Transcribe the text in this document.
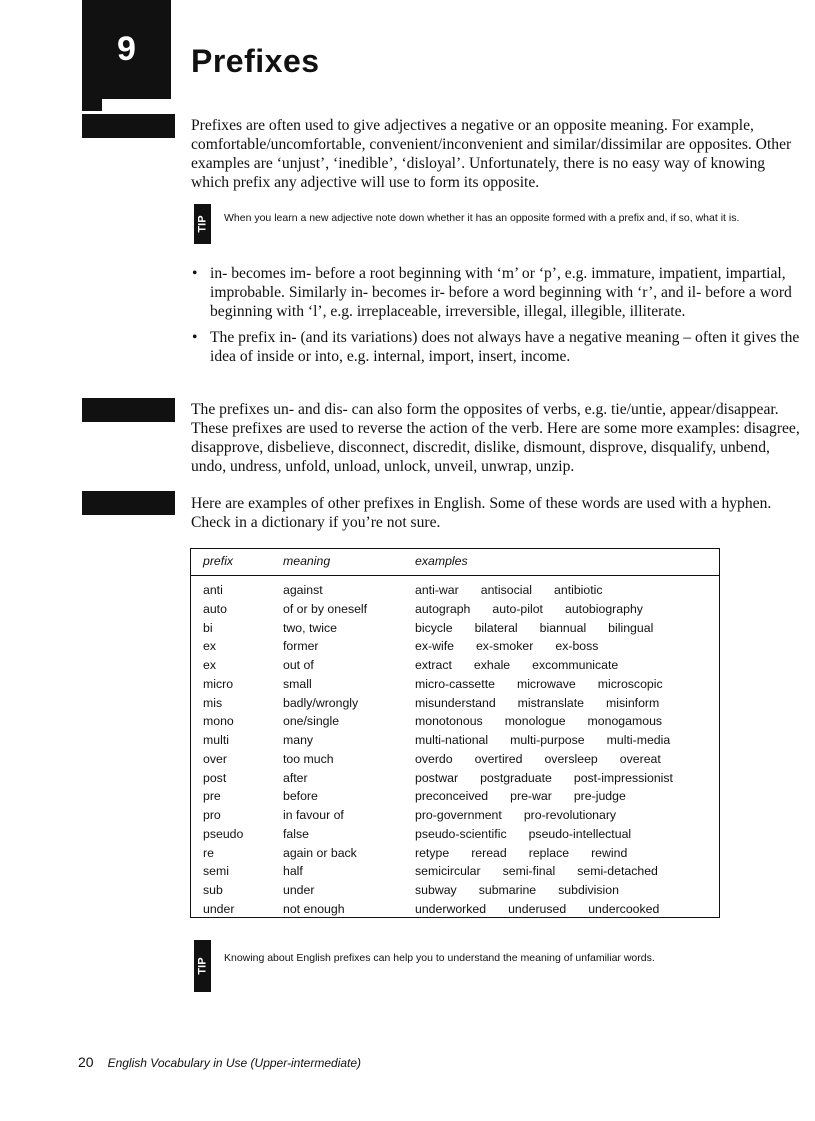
9 Prefixes

Prefixes are often used to give adjectives a negative or an opposite meaning. For example, comfortable/uncomfortable, convenient/inconvenient and similar/dissimilar are opposites. Other examples are ‘unjust’, ‘inedible’, ‘disloyal’. Unfortunately, there is no easy way of knowing which prefix any adjective will use to form its opposite.

TIP When you learn a new adjective note down whether it has an opposite formed with a prefix and, if so, what it is.

• in- becomes im- before a root beginning with ‘m’ or ‘p’, e.g. immature, impatient, impartial, improbable. Similarly in- becomes ir- before a word beginning with ‘r’, and il- before a word beginning with ‘l’, e.g. irreplaceable, irreversible, illegal, illegible, illiterate.
• The prefix in- (and its variations) does not always have a negative meaning – often it gives the idea of inside or into, e.g. internal, import, insert, income.

The prefixes un- and dis- can also form the opposites of verbs, e.g. tie/untie, appear/disappear. These prefixes are used to reverse the action of the verb. Here are some more examples: disagree, disapprove, disbelieve, disconnect, discredit, dislike, dismount, disprove, disqualify, unbend, undo, undress, unfold, unload, unlock, unveil, unwrap, unzip.

Here are examples of other prefixes in English. Some of these words are used with a hyphen. Check in a dictionary if you’re not sure.

prefix	meaning	examples
anti	against	anti-war antisocial antibiotic
auto	of or by oneself	autograph auto-pilot autobiography
bi	two, twice	bicycle bilateral biannual bilingual
ex	former	ex-wife ex-smoker ex-boss
ex	out of	extract exhale excommunicate
micro	small	micro-cassette microwave microscopic
mis	badly/wrongly	misunderstand mistranslate misinform
mono	one/single	monotonous monologue monogamous
multi	many	multi-national multi-purpose multi-media
over	too much	overdo overtired oversleep overeat
post	after	postwar postgraduate post-impressionist
pre	before	preconceived pre-war pre-judge
pro	in favour of	pro-government pro-revolutionary
pseudo	false	pseudo-scientific pseudo-intellectual
re	again or back	retype reread replace rewind
semi	half	semicircular semi-final semi-detached
sub	under	subway submarine subdivision
under	not enough	underworked underused undercooked
TIP Knowing about English prefixes can help you to understand the meaning of unfamiliar words.

20 English Vocabulary in Use (Upper-intermediate)
